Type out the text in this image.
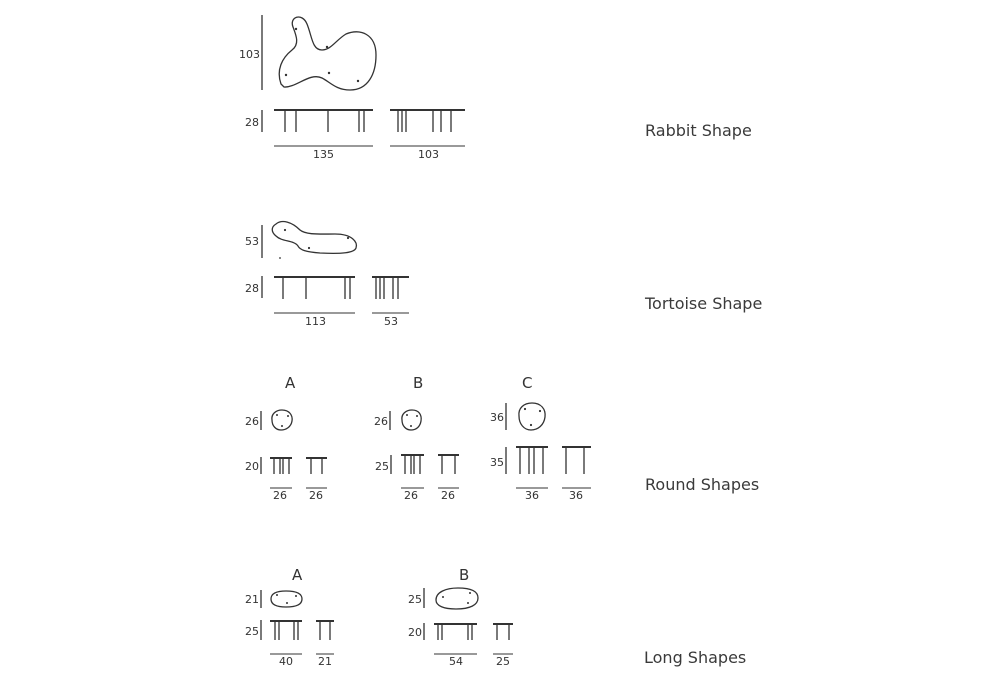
103
28
135	103
53
28
113	53
A
26
20
26 26
B
26
25
26 26
C
36
35
36	36
A
21
25
40 21
B
25
20
54	25
Rabbit Shape
Tortoise Shape
Round Shapes
Long Shapes
